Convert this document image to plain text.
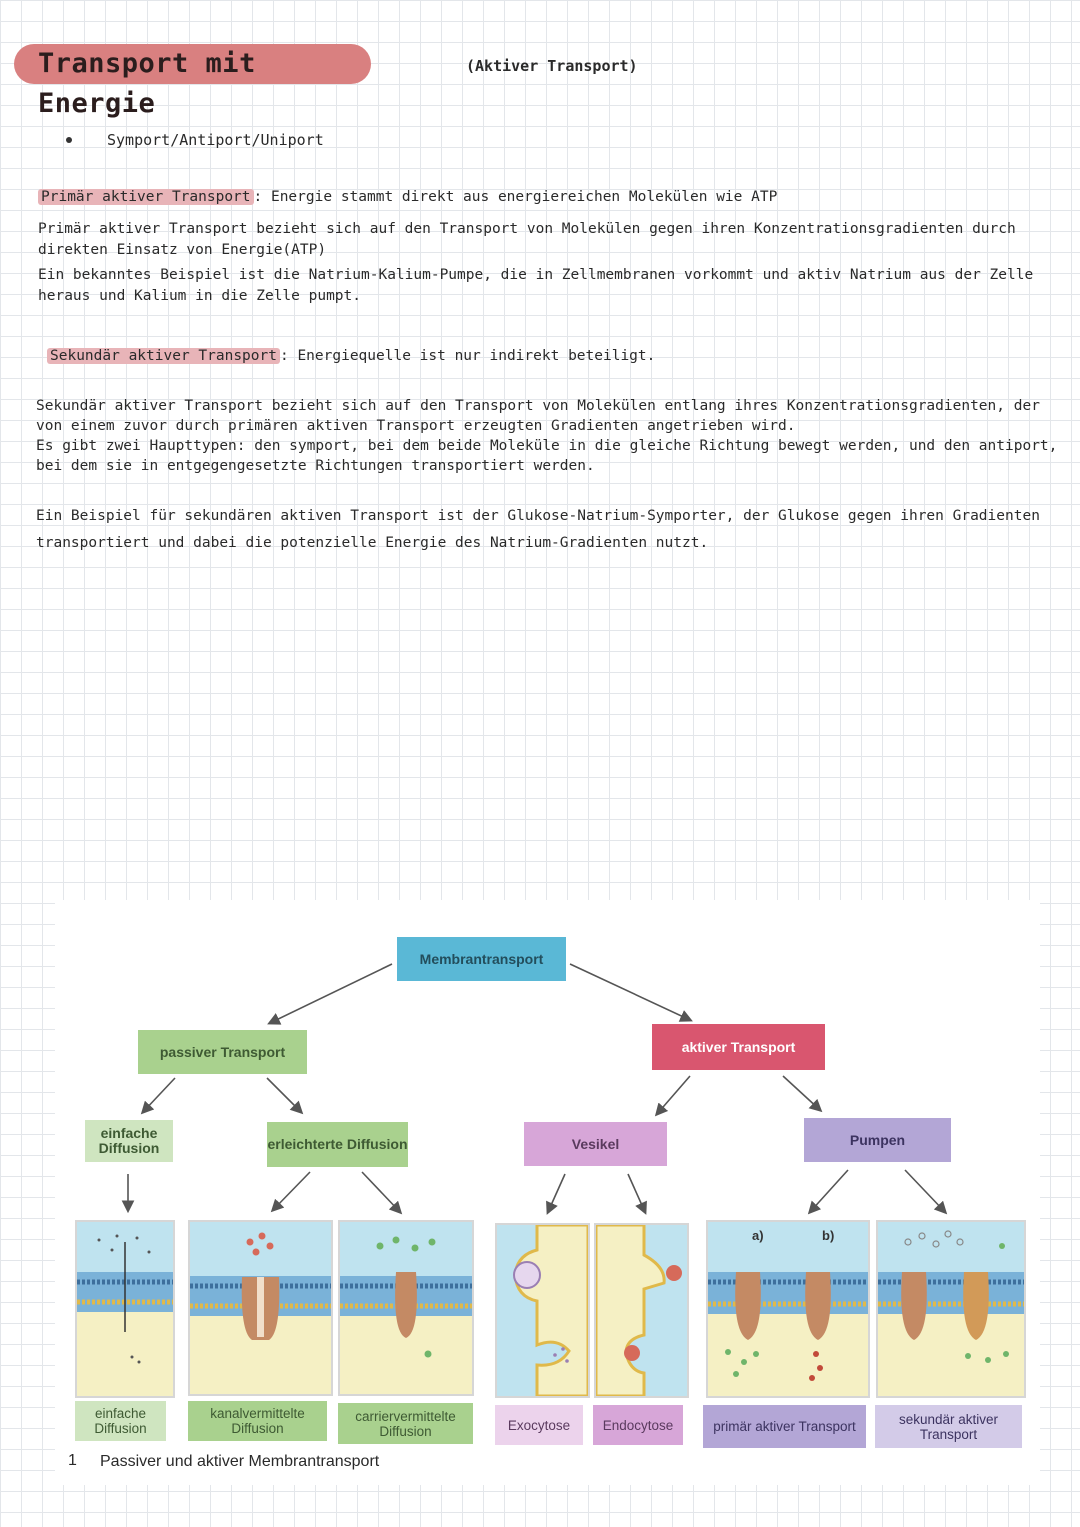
Transport mit Energie
(Aktiver Transport)
Symport/Antiport/Uniport
Primär aktiver Transport : Energie stammt direkt aus energiereichen Molekülen wie ATP
Primär aktiver Transport bezieht sich auf den Transport von Molekülen gegen ihren Konzentrationsgradienten durch
direkten Einsatz von Energie(ATP)
Ein bekanntes Beispiel ist die Natrium-Kalium-Pumpe, die in Zellmembranen vorkommt und aktiv Natrium aus der Zelle
heraus und Kalium in die Zelle pumpt.
Sekundär aktiver Transport : Energiequelle ist nur indirekt beteiligt.
Sekundär aktiver Transport bezieht sich auf den Transport von Molekülen entlang ihres Konzentrationsgradienten, der
von einem zuvor durch primären aktiven Transport erzeugten Gradienten angetrieben wird.
Es gibt zwei Haupttypen: den symport, bei dem beide Moleküle in die gleiche Richtung bewegt werden, und den antiport,
bei dem sie in entgegengesetzte Richtungen transportiert werden.
Ein Beispiel für sekundären aktiven Transport ist der Glukose-Natrium-Symporter, der Glukose gegen ihren Gradienten
transportiert und dabei die potenzielle Energie des Natrium-Gradienten nutzt.
Membrantransport
passiver Transport	aktiver Transport
einfache Diffusion	erleichterte Diffusion	Vesikel	Pumpen
a)	b)
einfache Diffusion
kanalvermittelte Diffusion
carriervermittelte Diffusion	Exocytose	Endocytose	primär aktiver Transport	sekundär aktiver Transport
1 Passiver und aktiver Membrantransport
